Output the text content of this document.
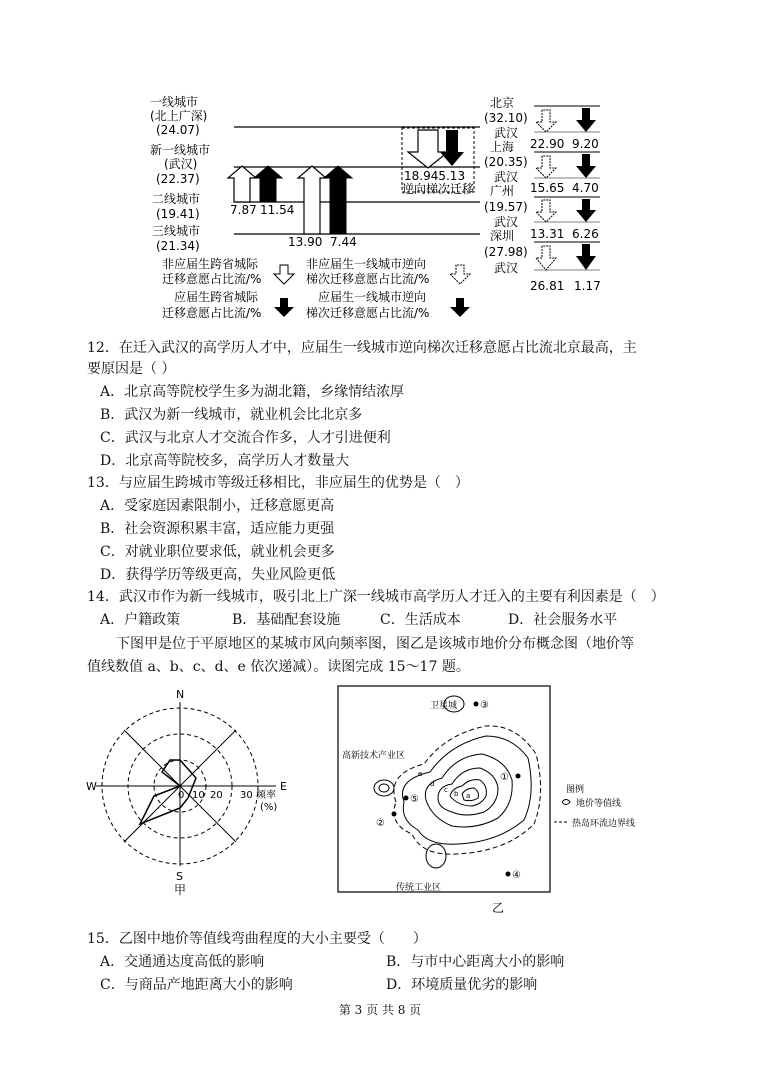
一线城市
(北上广深)
(24.07)
新一线城市
(武汉)
(22.37)
二线城市
(19.41)
三线城市
(21.34)
7.87 11.54
13.90 7.44
18.945.13
逆向梯次迁移
北京
(32.10)
武汉
上海
(20.35)
武汉
广州
(19.57)
武汉
深圳
(27.98)
武汉
22.90 9.20
15.65 4.70
13.31 6.26
26.81 1.17
非应届生跨省城际
迁移意愿占比流/%
应届生跨省城际
迁移意愿占比流/%
非应届生一线城市逆向
梯次迁移意愿占比流/%
应届生一线城市逆向
梯次迁移意愿占比流/%
12．在迁入武汉的高学历人才中，应届生一线城市逆向梯次迁移意愿占比流北京最高，主
要原因是（ ）
A．北京高等院校学生多为湖北籍，乡缘情结浓厚
B．武汉为新一线城市，就业机会比北京多
C．武汉与北京人才交流合作多，人才引进便利
D．北京高等院校多，高学历人才数量大
13．与应届生跨城市等级迁移相比，非应届生的优势是（　）
A．受家庭因素限制小，迁移意愿更高
B．社会资源积累丰富，适应能力更强
C．对就业职位要求低，就业机会更多
D．获得学历等级更高，失业风险更低
14．武汉市作为新一线城市，吸引北上广深一线城市高学历人才迁入的主要有利因素是（　）
A．户籍政策	B．基础配套设施	C．生活成本	D．社会服务水平
下图甲是位于平原地区的某城市风向频率图，图乙是该城市地价分布概念图（地价等
值线数值 a、b、c、d、e 依次递减）。读图完成 15～17 题。
N
S
W	E
0 10 20 30 频率
(%)
甲
卫星城
高新技术产业区
传统工业区
①
②
③
④
⑤	a
b
c
d
e
图例
地价等值线
热岛环流边界线
乙
15．乙图中地价等值线弯曲程度的大小主要受（　　）
A．交通通达度高低的影响	B．与市中心距离大小的影响
C．与商品产地距离大小的影响	D．环境质量优劣的影响
第 3 页 共 8 页
